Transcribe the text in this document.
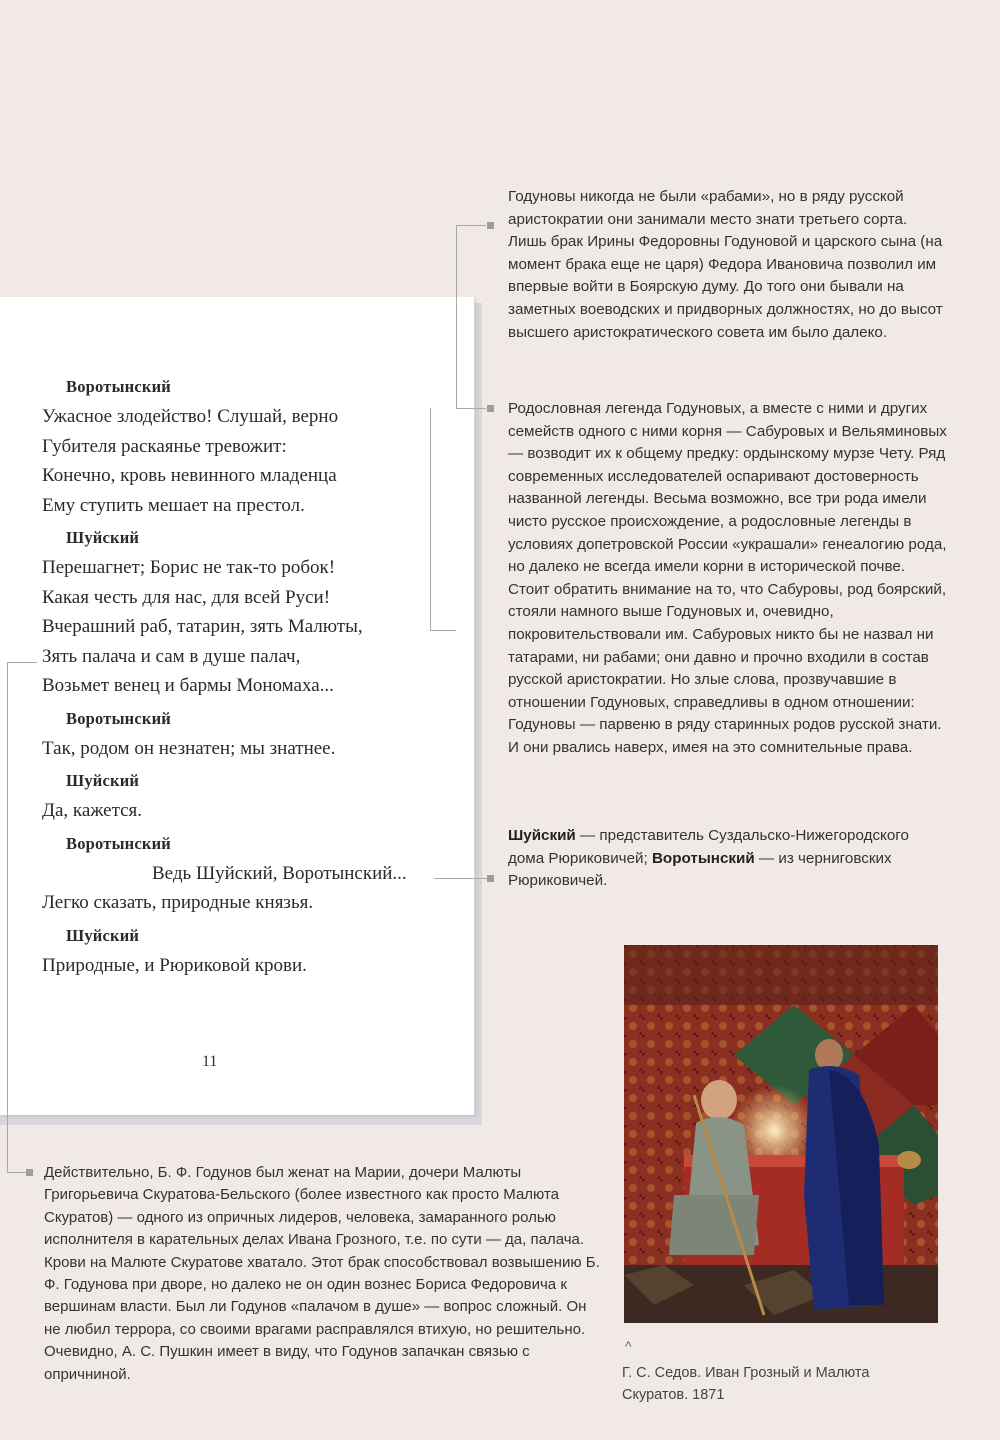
Воротынский
Ужасное злодейство! Слушай, верно
Губителя раскаянье тревожит:
Конечно, кровь невинного младенца
Ему ступить мешает на престол.
Шуйский
Перешагнет; Борис не так-то робок!
Какая честь для нас, для всей Руси!
Вчерашний раб, татарин, зять Малюты,
Зять палача и сам в душе палач,
Возьмет венец и бармы Мономаха...
Воротынский
Так, родом он незнатен; мы знатнее.
Шуйский
Да, кажется.
Воротынский
Ведь Шуйский, Воротынский...
Легко сказать, природные князья.
Шуйский
Природные, и Рюриковой крови.
11
Годуновы никогда не были «рабами», но в ряду русской аристократии они занимали место знати третьего сорта. Лишь брак Ирины Федоровны Годуновой и царского сына (на момент брака еще не царя) Федора Ивановича позволил им впервые войти в Боярскую думу. До того они бывали на заметных воеводских и придворных должностях, но до высот высшего аристократического совета им было далеко.
Родословная легенда Годуновых, а вместе с ними и других семейств одного с ними корня — Сабуровых и Вельяминовых — возводит их к общему предку: ордынскому мурзе Чету. Ряд современных исследователей оспаривают достоверность названной легенды. Весьма возможно, все три рода имели чисто русское происхождение, а родословные легенды в условиях допетровской России «украшали» генеалогию рода, но далеко не всегда имели корни в исторической почве. Стоит обратить внимание на то, что Сабуровы, род боярский, стояли намного выше Годуновых и, очевидно, покровительствовали им. Сабуровых никто бы не назвал ни татарами, ни рабами; они давно и прочно входили в состав русской аристократии. Но злые слова, прозвучавшие в отношении Годуновых, справедливы в одном отношении: Годуновы — парвеню в ряду старинных родов русской знати. И они рвались наверх, имея на это сомнительные права.
Шуйский — представитель Суздальско-Нижегородского дома Рюриковичей; Воротынский — из черниговских Рюриковичей.
Действительно, Б. Ф. Годунов был женат на Марии, дочери Малюты Григорьевича Скуратова-Бельского (более известного как просто Малюта Скуратов) — одного из опричных лидеров, человека, замаранного ролью исполнителя в карательных делах Ивана Грозного, т.е. по сути — да, палача. Крови на Малюте Скуратове хватало. Этот брак способствовал возвышению Б. Ф. Годунова при дворе, но далеко не он один вознес Бориса Федоровича к вершинам власти. Был ли Годунов «палачом в душе» — вопрос сложный. Он не любил террора, со своими врагами расправлялся втихую, но решительно. Очевидно, А. С. Пушкин имеет в виду, что Годунов запачкан связью с опричниной.
^
Г. С. Седов. Иван Грозный и Малюта Скуратов. 1871
